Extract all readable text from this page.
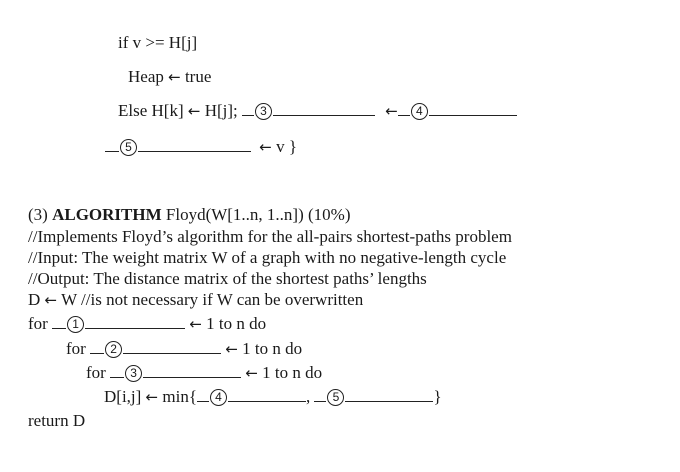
if v >= H[j]
Heap ← true
Else H[k] ← H[j]; 3	← 4
5	← v }
(3) ALGORITHM Floyd(W[1..n, 1..n]) (10%)
//Implements Floyd’s algorithm for the all-pairs shortest-paths problem
//Input: The weight matrix W of a graph with no negative-length cycle
//Output: The distance matrix of the shortest paths’ lengths
D ← W //is not necessary if W can be overwritten
for 1	← 1 to n do
for 2	← 1 to n do
for 3	← 1 to n do
D[i,j] ← min{ 4	, 5	}
return D
